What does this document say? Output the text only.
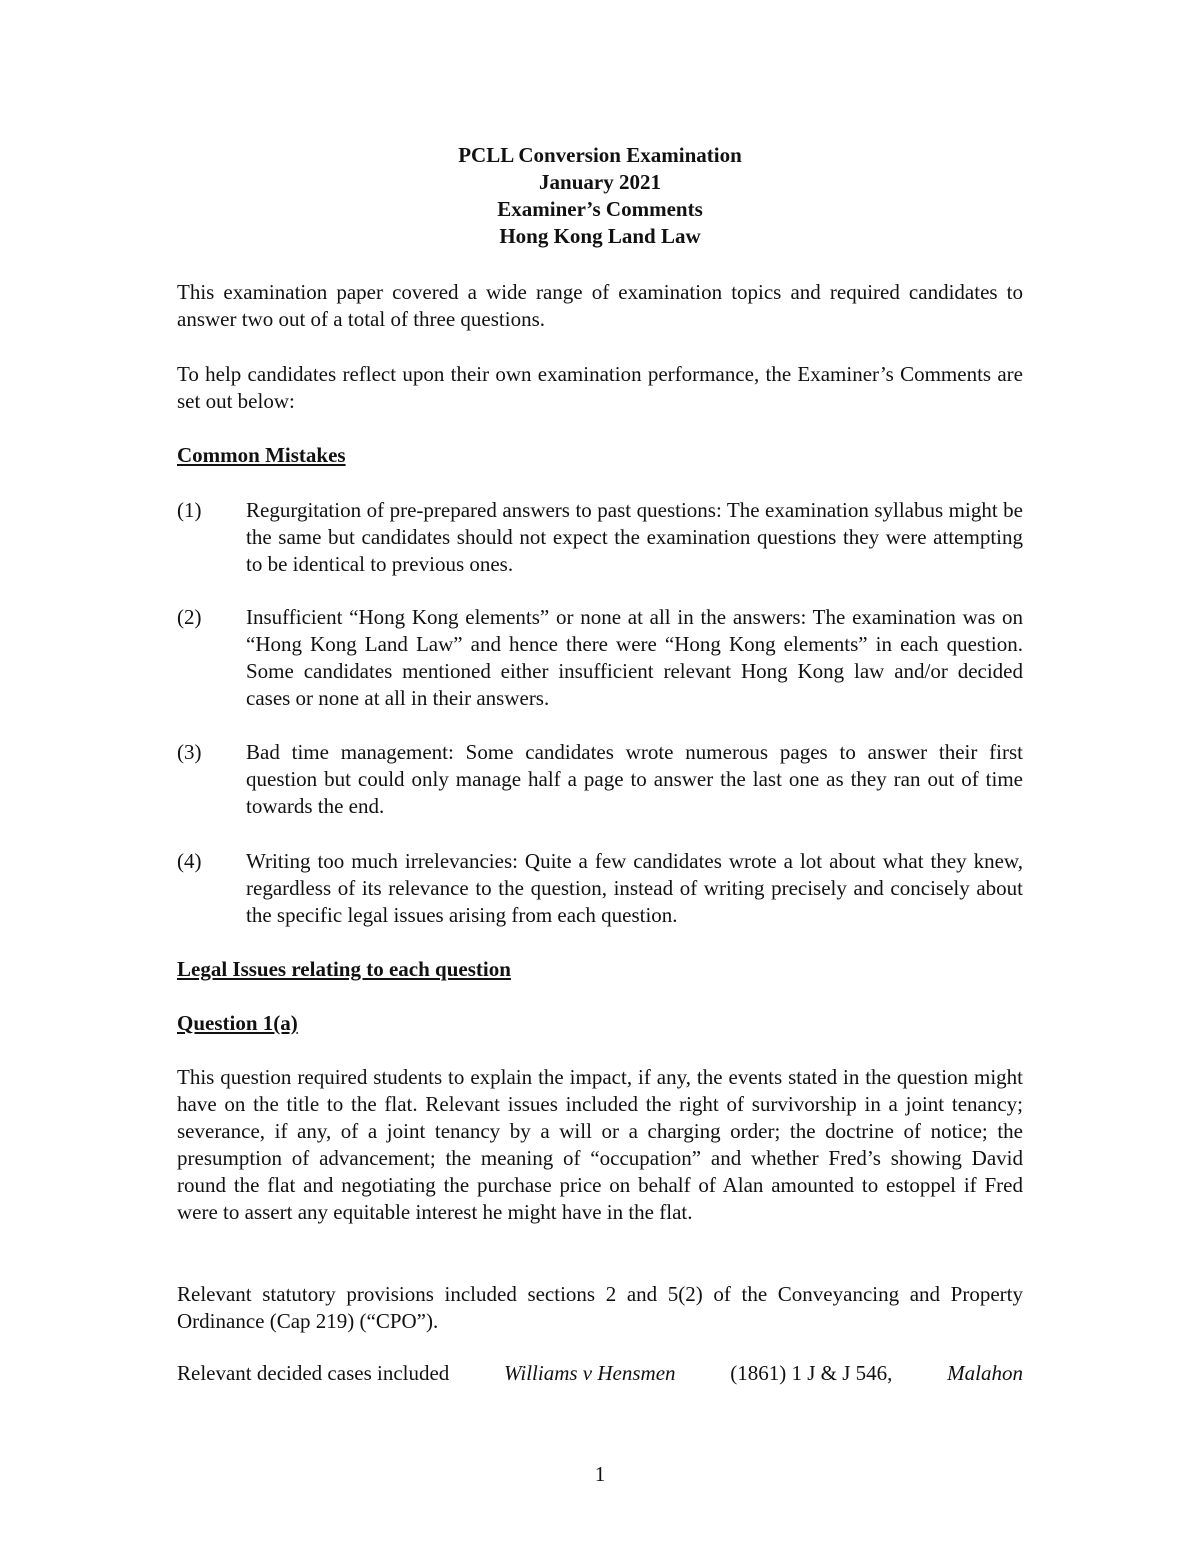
PCLL Conversion Examination
January 2021
Examiner’s Comments
Hong Kong Land Law
This examination paper covered a wide range of examination topics and required candidates to answer two out of a total of three questions.
To help candidates reflect upon their own examination performance, the Examiner’s Comments are set out below:
Common Mistakes
(1) Regurgitation of pre-prepared answers to past questions: The examination syllabus might be the same but candidates should not expect the examination questions they were attempting to be identical to previous ones.
(2) Insufficient “Hong Kong elements” or none at all in the answers: The examination was on “Hong Kong Land Law” and hence there were “Hong Kong elements” in each question. Some candidates mentioned either insufficient relevant Hong Kong law and/or decided cases or none at all in their answers.
(3) Bad time management: Some candidates wrote numerous pages to answer their first question but could only manage half a page to answer the last one as they ran out of time towards the end.
(4) Writing too much irrelevancies: Quite a few candidates wrote a lot about what they knew, regardless of its relevance to the question, instead of writing precisely and concisely about the specific legal issues arising from each question.
Legal Issues relating to each question
Question 1(a)
This question required students to explain the impact, if any, the events stated in the question might have on the title to the flat. Relevant issues included the right of survivorship in a joint tenancy; severance, if any, of a joint tenancy by a will or a charging order; the doctrine of notice; the presumption of advancement; the meaning of “occupation” and whether Fred’s showing David round the flat and negotiating the purchase price on behalf of Alan amounted to estoppel if Fred were to assert any equitable interest he might have in the flat.
Relevant statutory provisions included sections 2 and 5(2) of the Conveyancing and Property Ordinance (Cap 219) (“CPO”).
Relevant decided cases included	Williams v Hensmen	(1861) 1 J & J 546,	Malahon
1
